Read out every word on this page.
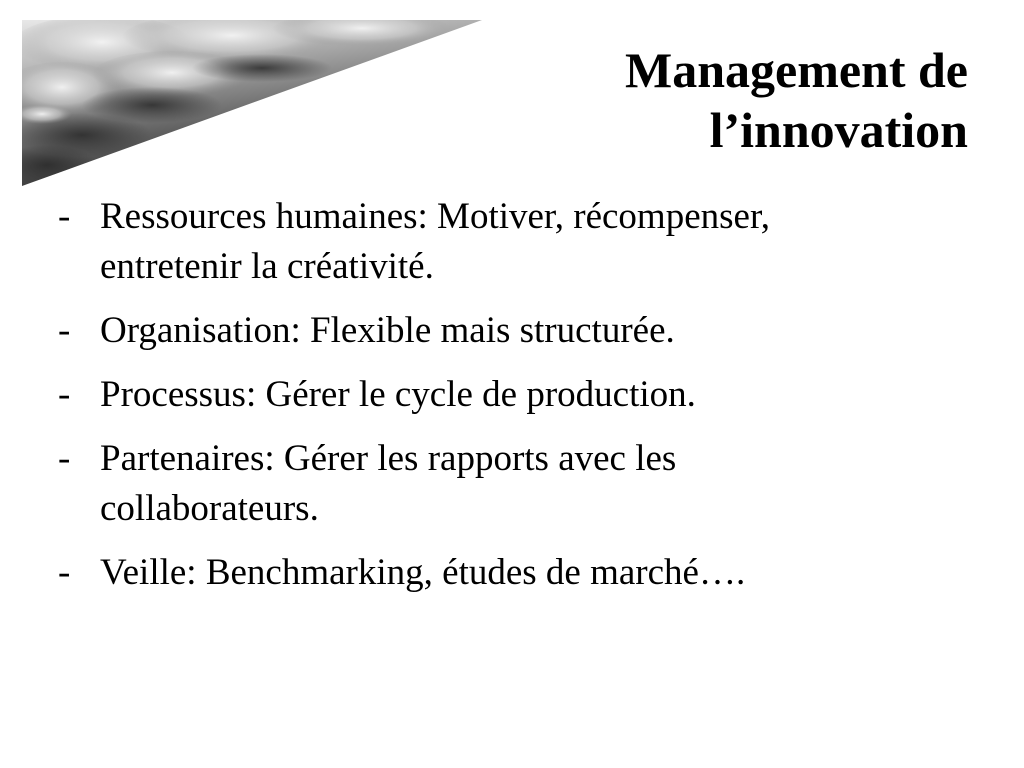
Management de
l’innovation
- Ressources humaines: Motiver, récompenser,
entretenir la créativité.
- Organisation: Flexible mais structurée.
- Processus: Gérer le cycle de production.
- Partenaires: Gérer les rapports avec les
collaborateurs.
- Veille: Benchmarking, études de marché….
